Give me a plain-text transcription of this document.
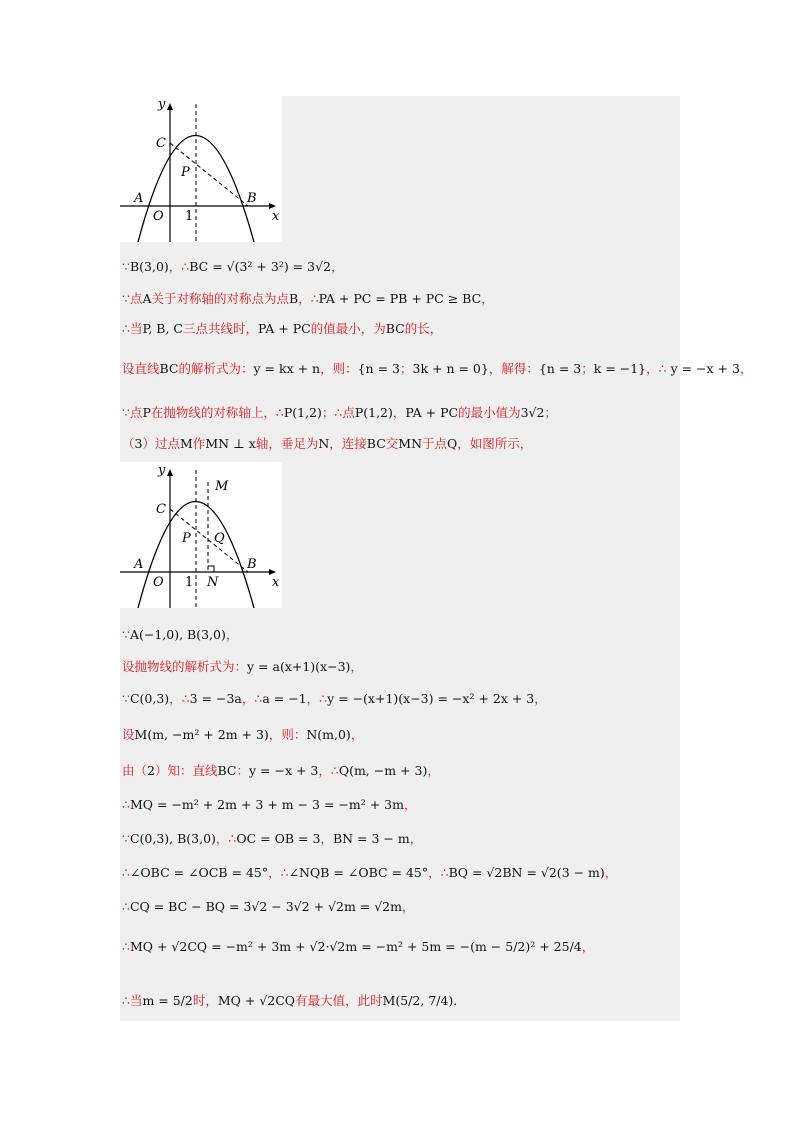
y
x
C
P
A	B
O 1
∵B(3,0)，∴BC = √(3² + 3²) = 3√2，
∵点A关于对称轴的对称点为点B，∴PA + PC = PB + PC ≥ BC，
∴当P, B, C三点共线时，PA + PC的值最小，为BC的长，
设直线BC的解析式为：y = kx + n，则：{n = 3；3k + n = 0}，解得：{n = 3；k = −1}，∴ y = −x + 3，
∵点P在抛物线的对称轴上，∴P(1,2)；∴点P(1,2)，PA + PC的最小值为3√2；
（3）过点M作MN ⊥ x轴，垂足为N，连接BC交MN于点Q，如图所示，
y
x
C
M
P Q
A	B
O 1 N
∵A(−1,0), B(3,0)，
设抛物线的解析式为：y = a(x+1)(x−3)，
∵C(0,3)，∴3 = −3a，∴a = −1，∴y = −(x+1)(x−3) = −x² + 2x + 3，
设M(m, −m² + 2m + 3)，则：N(m,0)，
由（2）知：直线BC：y = −x + 3，∴Q(m, −m + 3)，
∴MQ = −m² + 2m + 3 + m − 3 = −m² + 3m，
∵C(0,3), B(3,0)，∴OC = OB = 3，BN = 3 − m，
∴∠OBC = ∠OCB = 45°，∴∠NQB = ∠OBC = 45°，∴BQ = √2BN = √2(3 − m)，
∴CQ = BC − BQ = 3√2 − 3√2 + √2m = √2m，
∴MQ + √2CQ = −m² + 3m + √2·√2m = −m² + 5m = −(m − 5/2)² + 25/4，
∴当m = 5/2时，MQ + √2CQ有最大值，此时M(5/2, 7/4).
